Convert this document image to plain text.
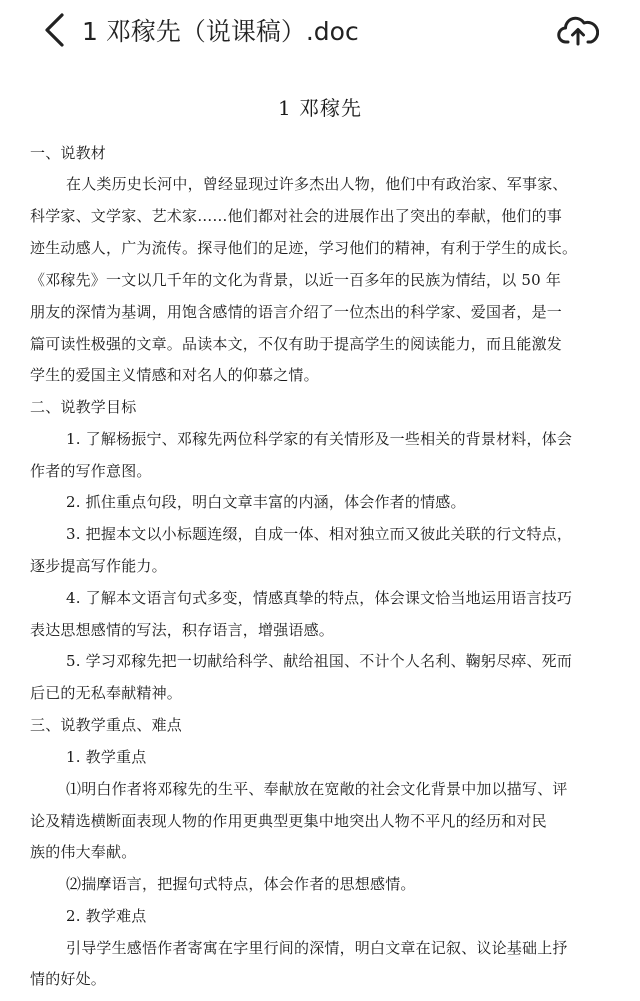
1 邓稼先（说课稿）.doc
1 邓稼先
一、说教材
在人类历史长河中，曾经显现过许多杰出人物，他们中有政治家、军事家、
科学家、文学家、艺术家……他们都对社会的进展作出了突出的奉献，他们的事
迹生动感人，广为流传。探寻他们的足迹，学习他们的精神，有利于学生的成长。
《邓稼先》一文以几千年的文化为背景，以近一百多年的民族为情结，以 50 年
朋友的深情为基调，用饱含感情的语言介绍了一位杰出的科学家、爱国者，是一
篇可读性极强的文章。品读本文，不仅有助于提高学生的阅读能力，而且能激发
学生的爱国主义情感和对名人的仰慕之情。
二、说教学目标
1. 了解杨振宁、邓稼先两位科学家的有关情形及一些相关的背景材料，体会
作者的写作意图。
2. 抓住重点句段，明白文章丰富的内涵，体会作者的情感。
3. 把握本文以小标题连缀，自成一体、相对独立而又彼此关联的行文特点，
逐步提高写作能力。
4. 了解本文语言句式多变，情感真挚的特点，体会课文恰当地运用语言技巧
表达思想感情的写法，积存语言，增强语感。
5. 学习邓稼先把一切献给科学、献给祖国、不计个人名利、鞠躬尽瘁、死而
后已的无私奉献精神。
三、说教学重点、难点
1. 教学重点
⑴明白作者将邓稼先的生平、奉献放在宽敞的社会文化背景中加以描写、评
论及精选横断面表现人物的作用更典型更集中地突出人物不平凡的经历和对民
族的伟大奉献。
⑵揣摩语言，把握句式特点，体会作者的思想感情。
2. 教学难点
引导学生感悟作者寄寓在字里行间的深情，明白文章在记叙、议论基础上抒
情的好处。
